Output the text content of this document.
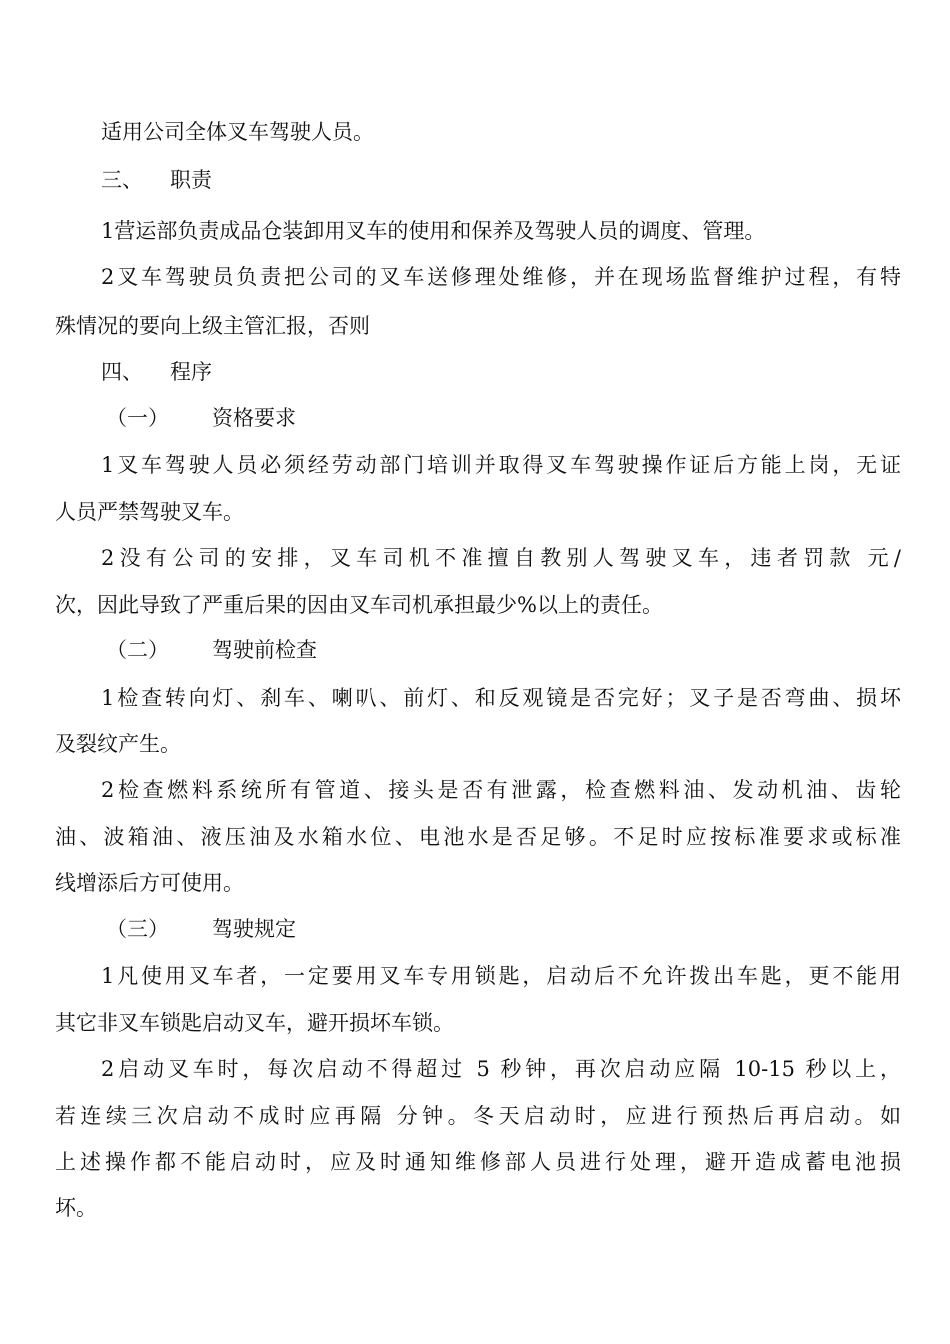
适用公司全体叉车驾驶人员。
三、 职责
1营运部负责成品仓装卸用叉车的使用和保养及驾驶人员的调度、管理。
2叉车驾驶员负责把公司的叉车送修理处维修，并在现场监督维护过程，有特
殊情况的要向上级主管汇报，否则
四、 程序
（一） 资格要求
1叉车驾驶人员必须经劳动部门培训并取得叉车驾驶操作证后方能上岗，无证
人员严禁驾驶叉车。
2没有公司的安排，叉车司机不准擅自教别人驾驶叉车，违者罚款 元/
次，因此导致了严重后果的因由叉车司机承担最少%以上的责任。
（二） 驾驶前检查
1检查转向灯、刹车、喇叭、前灯、和反观镜是否完好；叉子是否弯曲、损坏
及裂纹产生。
2检查燃料系统所有管道、接头是否有泄露，检查燃料油、发动机油、齿轮
油、波箱油、液压油及水箱水位、电池水是否足够。不足时应按标准要求或标准
线增添后方可使用。
（三） 驾驶规定
1凡使用叉车者，一定要用叉车专用锁匙，启动后不允许拨出车匙，更不能用
其它非叉车锁匙启动叉车，避开损坏车锁。
2启动叉车时，每次启动不得超过 5 秒钟，再次启动应隔 10-15 秒以上，
若连续三次启动不成时应再隔 分钟。冬天启动时，应进行预热后再启动。如
上述操作都不能启动时，应及时通知维修部人员进行处理，避开造成蓄电池损
坏。
